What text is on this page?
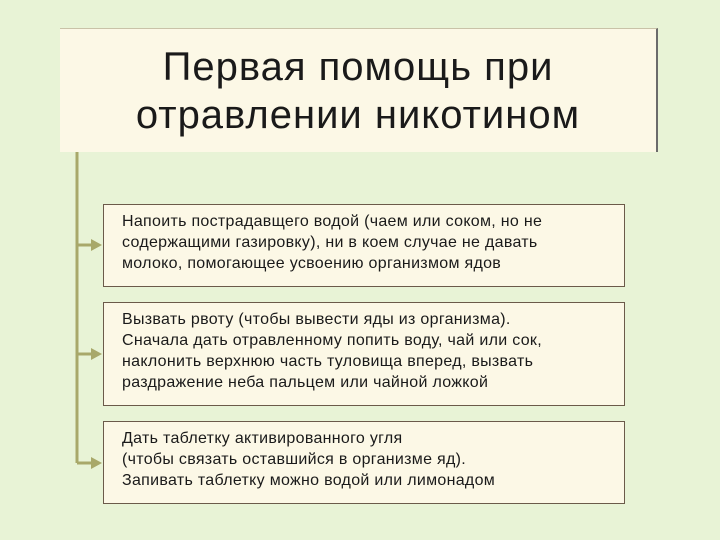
Первая помощь при
отравлении никотином
Напоить пострадавщего водой (чаем или соком, но не
содержащими газировку), ни в коем случае не давать
молоко, помогающее усвоению организмом ядов
Вызвать рвоту (чтобы вывести яды из организма).
Сначала дать отравленному попить воду, чай или сок,
наклонить верхнюю часть туловища вперед, вызвать
раздражение неба пальцем или чайной ложкой
Дать таблетку активированного угля
(чтобы связать оставшийся в организме яд).
Запивать таблетку можно водой или лимонадом
